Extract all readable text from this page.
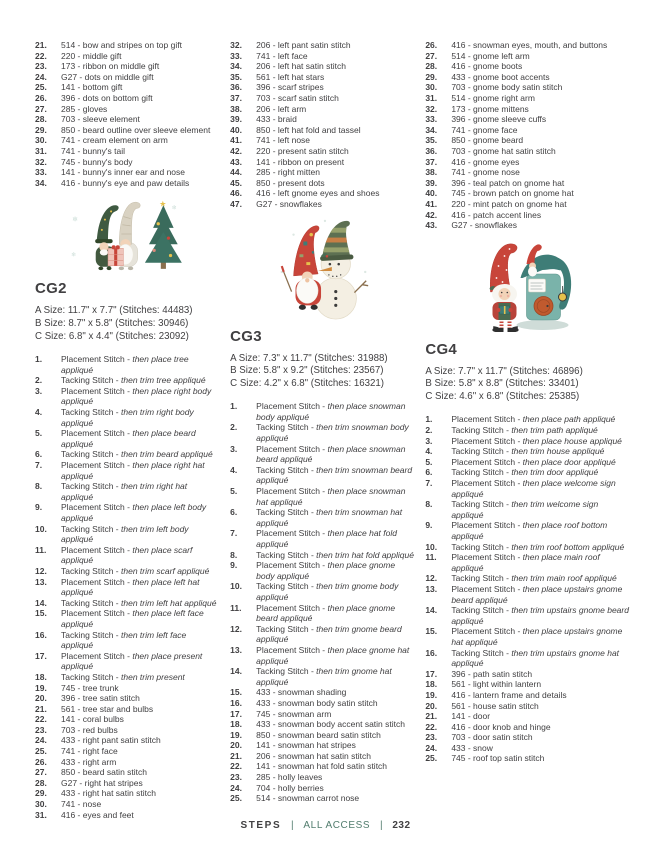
21.	514 - bow and stripes on top gift
22.	220 - middle gift
23.	173 - ribbon on middle gift
24.	G27 - dots on middle gift
25.	141 - bottom gift
26.	396 - dots on bottom gift
27.	285 - gloves
28.	703 - sleeve element
29.	850 - beard outline over sleeve element
30.	741 - cream element on arm
31.	741 - bunny's tail
32.	745 - bunny's body
33.	141 - bunny's inner ear and nose
34.	416 - bunny's eye and paw details
❄
❄
❄
★
CG2
A Size: 11.7" x 7.7" (Stitches: 44483)
B Size: 8.7" x 5.8" (Stitches: 30946)
C Size: 6.8" x 4.4" (Stitches: 23092)
1.	Placement Stitch - then place tree appliqué
2.	Tacking Stitch - then trim tree appliqué
3.	Placement Stitch - then place right body appliqué
4.	Tacking Stitch - then trim right body appliqué
5.	Placement Stitch - then place beard appliqué
6.	Tacking Stitch - then trim beard appliqué
7.	Placement Stitch - then place right hat appliqué
8.	Tacking Stitch - then trim right hat appliqué
9.	Placement Stitch - then place left body appliqué
10.	Tacking Stitch - then trim left body appliqué
11.	Placement Stitch - then place scarf appliqué
12.	Tacking Stitch - then trim scarf appliqué
13.	Placement Stitch - then place left hat appliqué
14.	Tacking Stitch - then trim left hat appliqué
15.	Placement Stitch - then place left face appliqué
16.	Tacking Stitch - then trim left face appliqué
17.	Placement Stitch - then place present appliqué
18.	Tacking Stitch - then trim present
19.	745 - tree trunk
20.	396 - tree satin stitch
21.	561 - tree star and bulbs
22.	141 - coral bulbs
23.	703 - red bulbs
24.	433 - right pant satin stitch
25.	741 - right face
26.	433 - right arm
27.	850 - beard satin stitch
28.	G27 - right hat stripes
29.	433 - right hat satin stitch
30.	741 - nose
31.	416 - eyes and feet
32.	206 - left pant satin stitch
33.	741 - left face
34.	206 - left hat satin stitch
35.	561 - left hat stars
36.	396 - scarf stripes
37.	703 - scarf satin stitch
38.	206 - left arm
39.	433 - braid
40.	850 - left hat fold and tassel
41.	741 - left nose
42.	220 - present satin stitch
43.	141 - ribbon on present
44.	285 - right mitten
45.	850 - present dots
46.	416 - left gnome eyes and shoes
47.	G27 - snowflakes
CG3
A Size: 7.3" x 11.7" (Stitches: 31988)
B Size: 5.8" x 9.2" (Stitches: 23567)
C Size: 4.2" x 6.8" (Stitches: 16321)
1.	Placement Stitch - then place snowman body appliqué
2.	Tacking Stitch - then trim snowman body appliqué
3.	Placement Stitch - then place snowman beard appliqué
4.	Tacking Stitch - then trim snowman beard appliqué
5.	Placement Stitch - then place snowman hat appliqué
6.	Tacking Stitch - then trim snowman hat appliqué
7.	Placement Stitch - then place hat fold appliqué
8.	Tacking Stitch - then trim hat fold appliqué
9.	Placement Stitch - then place gnome body appliqué
10.	Tacking Stitch - then trim gnome body appliqué
11.	Placement Stitch - then place gnome beard appliqué
12.	Tacking Stitch - then trim gnome beard appliqué
13.	Placement Stitch - then place gnome hat appliqué
14.	Tacking Stitch - then trim gnome hat appliqué
15.	433 - snowman shading
16.	433 - snowman body satin stitch
17.	745 - snowman arm
18.	433 - snowman body accent satin stitch
19.	850 - snowman beard satin stitch
20.	141 - snowman hat stripes
21.	206 - snowman hat satin stitch
22.	141 - snowman hat fold satin stitch
23.	285 - holly leaves
24.	704 - holly berries
25.	514 - snowman carrot nose
26.	416 - snowman eyes, mouth, and buttons
27.	514 - gnome left arm
28.	416 - gnome boots
29.	433 - gnome boot accents
30.	703 - gnome body satin stitch
31.	514 - gnome right arm
32.	173 - gnome mittens
33.	396 - gnome sleeve cuffs
34.	741 - gnome face
35.	850 - gnome beard
36.	703 - gnome hat satin stitch
37.	416 - gnome eyes
38.	741 - gnome nose
39.	396 - teal patch on gnome hat
40.	745 - brown patch on gnome hat
41.	220 - mint patch on gnome hat
42.	416 - patch accent lines
43.	G27 - snowflakes
CG4
A Size: 7.7" x 11.7" (Stitches: 46896)
B Size: 5.8" x 8.8" (Stitches: 33401)
C Size: 4.6" x 6.8" (Stitches: 25385)
1.	Placement Stitch - then place path appliqué
2.	Tacking Stitch - then trim path appliqué
3.	Placement Stitch - then place house appliqué
4.	Tacking Stitch - then trim house appliqué
5.	Placement Stitch - then place door appliqué
6.	Tacking Stitch - then trim door appliqué
7.	Placement Stitch - then place welcome sign appliqué
8.	Tacking Stitch - then trim welcome sign appliqué
9.	Placement Stitch - then place roof bottom appliqué
10.	Tacking Stitch - then trim roof bottom appliqué
11.	Placement Stitch - then place main roof appliqué
12.	Tacking Stitch - then trim main roof appliqué
13.	Placement Stitch - then place upstairs gnome beard appliqué
14.	Tacking Stitch - then trim upstairs gnome beard appliqué
15.	Placement Stitch - then place upstairs gnome hat appliqué
16.	Tacking Stitch - then trim upstairs gnome hat appliqué
17.	396 - path satin stitch
18.	561 - light within lantern
19.	416 - lantern frame and details
20.	561 - house satin stitch
21.	141 - door
22.	416 - door knob and hinge
23.	703 - door satin stitch
24.	433 - snow
25.	745 - roof top satin stitch
STEPS | ALL ACCESS | 232
